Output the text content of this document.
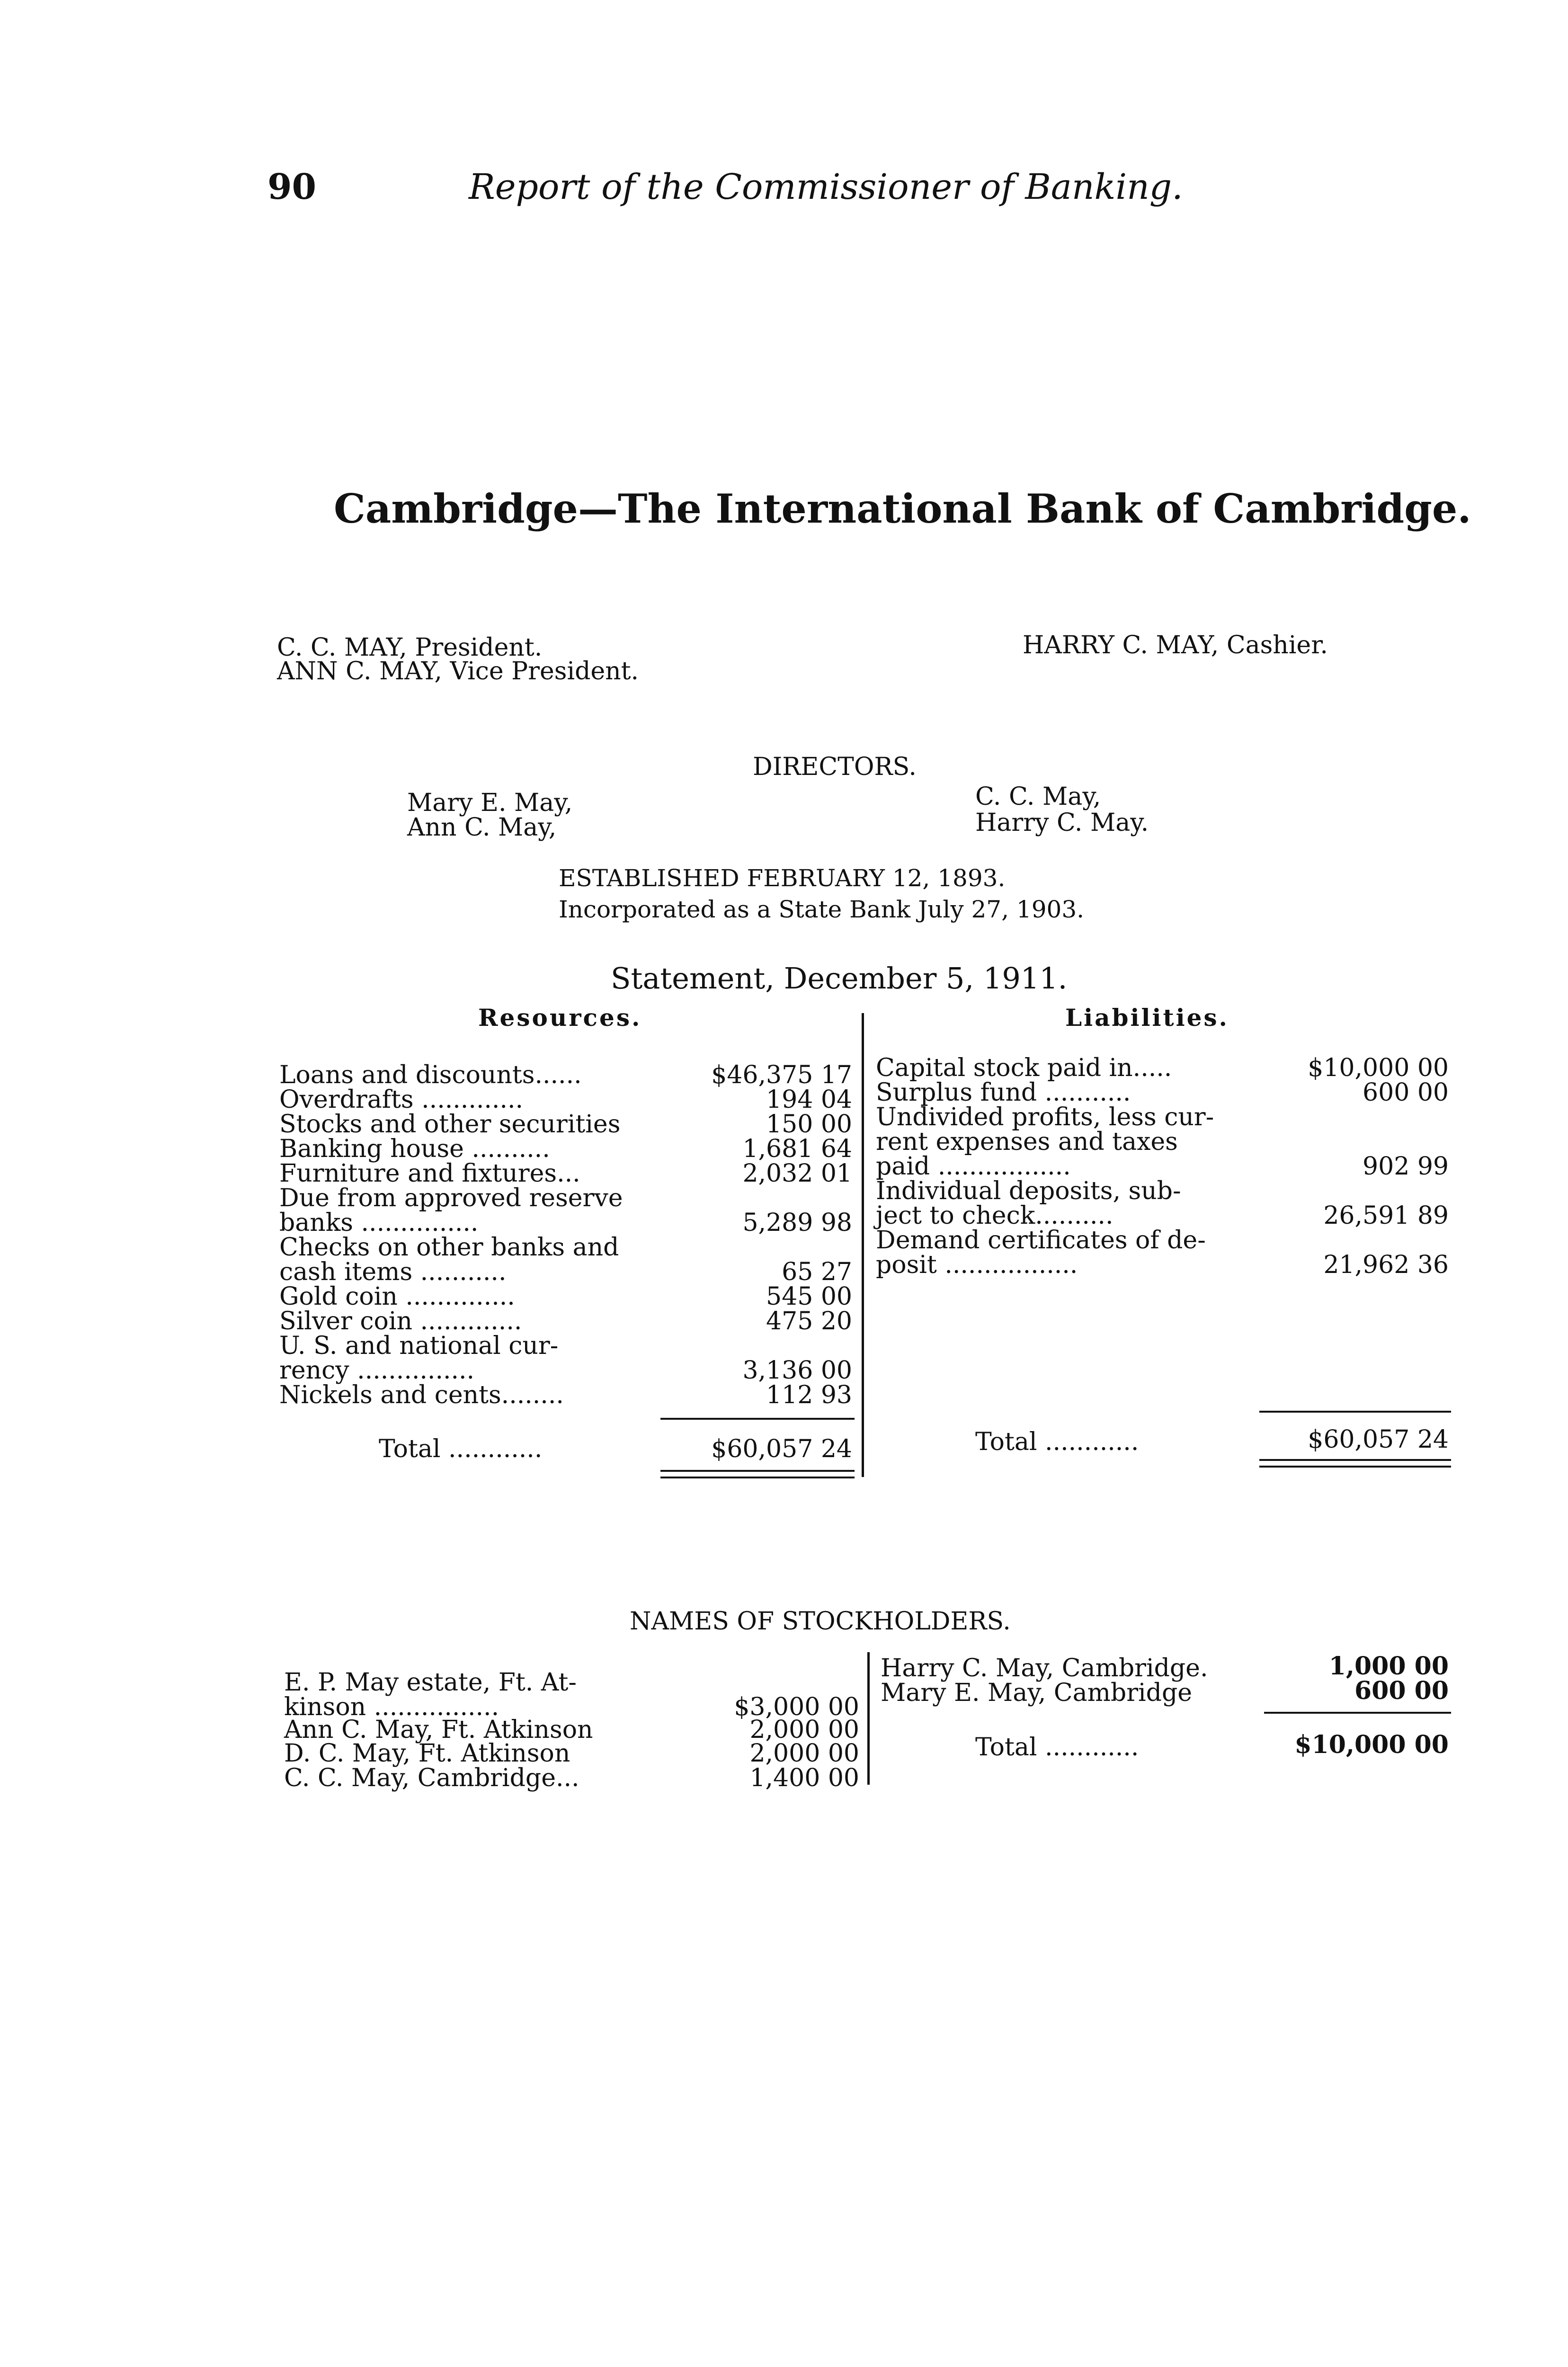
90	Report of the Commissioner of Banking.
Cambridge—The International Bank of Cambridge.
C. C. MAY, President.
ANN C. MAY, Vice President.
HARRY C. MAY, Cashier.
DIRECTORS.
Mary E. May,
Ann C. May,
C. C. May,
Harry C. May.
ESTABLISHED FEBRUARY 12, 1893.
Incorporated as a State Bank July 27, 1903.
Statement, December 5, 1911.
Resources.	Liabilities.
Loans and discounts......	$46,375 17
Overdrafts .............	194 04
Stocks and other securities	150 00
Banking house ..........	1,681 64
Furniture and fixtures...	2,032 01
Due from approved reserve
banks ...............	5,289 98
Checks on other banks and
cash items ...........	65 27
Gold coin ..............	545 00
Silver coin .............	475 20
U. S. and national cur-
rency ...............	3,136 00
Nickels and cents........	112 93
Total ............	$60,057 24
Capital stock paid in.....	$10,000 00
Surplus fund ...........	600 00
Undivided profits, less cur-
rent expenses and taxes
paid .................	902 99
Individual deposits, sub-
ject to check..........	26,591 89
Demand certificates of de-
posit .................	21,962 36
Total ............	$60,057 24
NAMES OF STOCKHOLDERS.
E. P. May estate, Ft. At-
kinson ................	$3,000 00
Ann C. May, Ft. Atkinson	2,000 00
D. C. May, Ft. Atkinson	2,000 00
C. C. May, Cambridge...	1,400 00
Harry C. May, Cambridge.	1,000 00
Mary E. May, Cambridge	600 00
Total ............	$10,000 00
